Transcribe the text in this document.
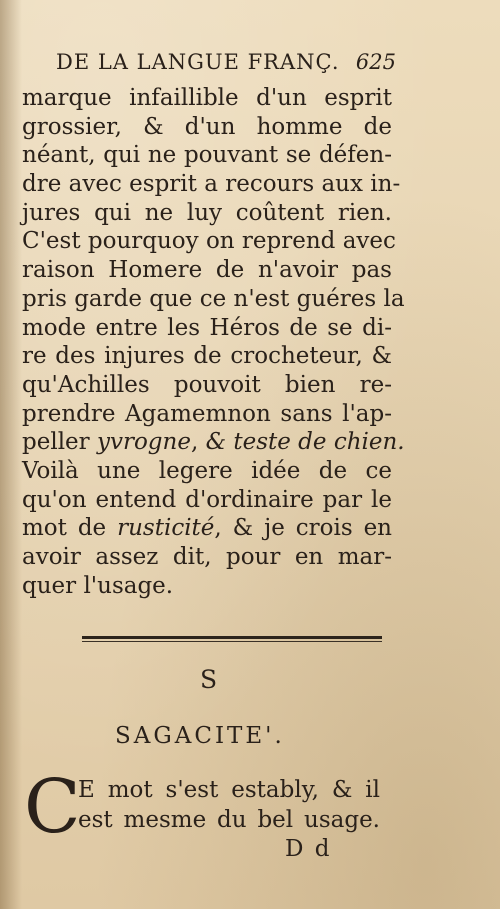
DE LA LANGUE FRANÇ. 625
marque infaillible d'un esprit
grossier, & d'un homme de
néant, qui ne pouvant se défen-
dre avec esprit a recours aux in-
jures qui ne luy coûtent rien.
C'est pourquoy on reprend avec
raison Homere de n'avoir pas
pris garde que ce n'est guéres la
mode entre les Héros de se di-
re des injures de crocheteur, &
qu'Achilles pouvoit bien re-
prendre Agamemnon sans l'ap-
peller yvrogne, & teste de chien.
Voilà une legere idée de ce
qu'on entend d'ordinaire par le
mot de rusticité, & je crois en
avoir assez dit, pour en mar-
quer l'usage.
S
SAGACITE'.
C
E mot s'est estably, & il
est mesme du bel usage.
D d
